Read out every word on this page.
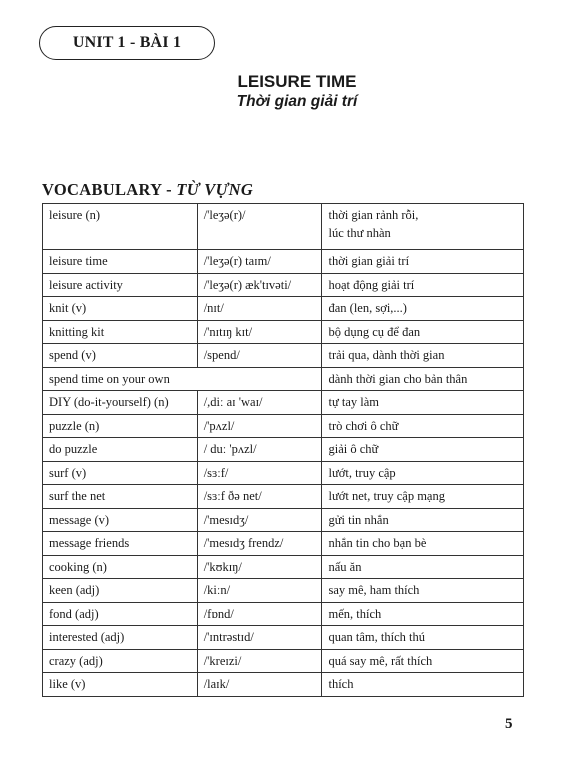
UNIT 1 - BÀI 1
LEISURE TIME
Thời gian giải trí
VOCABULARY - TỪ VỰNG
leisure (n)	/'leʒə(r)/	thời gian rảnh rỗi,
lúc thư nhàn

leisure time	/'leʒə(r) taɪm/	thời gian giải trí
leisure activity	/'leʒə(r) æk'tɪvəti/	hoạt động giải trí
knit (v)	/nɪt/	đan (len, sợi,...)
knitting kit	/'nɪtɪŋ kɪt/	bộ dụng cụ để đan
spend (v)	/spend/	trải qua, dành thời gian
spend time on your own		dành thời gian cho bản thân
DIY (do-it-yourself) (n)	/,diː aɪ 'waɪ/	tự tay làm
puzzle (n)	/'pʌzl/	trò chơi ô chữ
do puzzle	/ duː 'pʌzl/	giải ô chữ
surf (v)	/sɜːf/	lướt, truy cập
surf the net	/sɜːf ðə net/	lướt net, truy cập mạng
message (v)	/'mesɪdʒ/	gửi tin nhắn
message friends	/'mesɪdʒ frendz/	nhắn tin cho bạn bè
cooking (n)	/'kʊkɪŋ/	nấu ăn
keen (adj)	/kiːn/	say mê, ham thích
fond (adj)	/fɒnd/	mến, thích
interested (adj)	/'ɪntrəstɪd/	quan tâm, thích thú
crazy (adj)	/'kreɪzi/	quá say mê, rất thích
like (v)	/laɪk/	thích
5
